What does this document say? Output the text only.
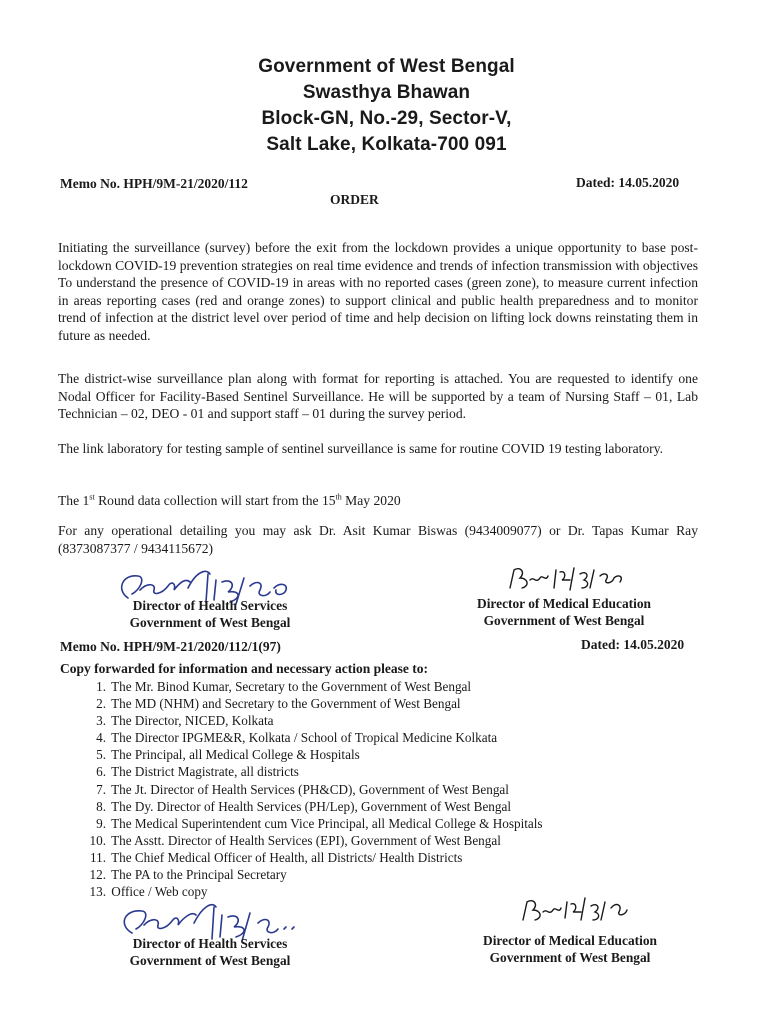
Government of West Bengal
Swasthya Bhawan
Block-GN, No.-29, Sector-V,
Salt Lake, Kolkata-700 091
Memo No. HPH/9M-21/2020/112	Dated: 14.05.2020
ORDER

Initiating the surveillance (survey) before the exit from the lockdown provides a unique opportunity to base post-lockdown COVID-19 prevention strategies on real time evidence and trends of infection transmission with objectives To understand the presence of COVID-19 in areas with no reported cases (green zone), to measure current infection in areas reporting cases (red and orange zones) to support clinical and public health preparedness and to monitor trend of infection at the district level over period of time and help decision on lifting lock downs reinstating them in future as needed.

The district-wise surveillance plan along with format for reporting is attached. You are requested to identify one Nodal Officer for Facility-Based Sentinel Surveillance. He will be supported by a team of Nursing Staff – 01, Lab Technician – 02, DEO - 01 and support staff – 01 during the survey period.

The link laboratory for testing sample of sentinel surveillance is same for routine COVID 19 testing laboratory.

The 1st Round data collection will start from the 15th May 2020

For any operational detailing you may ask Dr. Asit Kumar Biswas (9434009077) or Dr. Tapas Kumar Ray (8373087377 / 9434115672)

Director of Health Services
Government of West Bengal
Director of Medical Education
Government of West Bengal
Memo No. HPH/9M-21/2020/112/1(97)	Dated: 14.05.2020
Copy forwarded for information and necessary action please to:
1. The Mr. Binod Kumar, Secretary to the Government of West Bengal
2. The MD (NHM) and Secretary to the Government of West Bengal
3. The Director, NICED, Kolkata
4. The Director IPGME&R, Kolkata / School of Tropical Medicine Kolkata
5. The Principal, all Medical College & Hospitals
6. The District Magistrate, all districts
7. The Jt. Director of Health Services (PH&CD), Government of West Bengal
8. The Dy. Director of Health Services (PH/Lep), Government of West Bengal
9. The Medical Superintendent cum Vice Principal, all Medical College & Hospitals
10. The Asstt. Director of Health Services (EPI), Government of West Bengal
11. The Chief Medical Officer of Health, all Districts/ Health Districts
12. The PA to the Principal Secretary
13. Office / Web copy
Director of Health Services
Government of West Bengal
Director of Medical Education
Government of West Bengal
